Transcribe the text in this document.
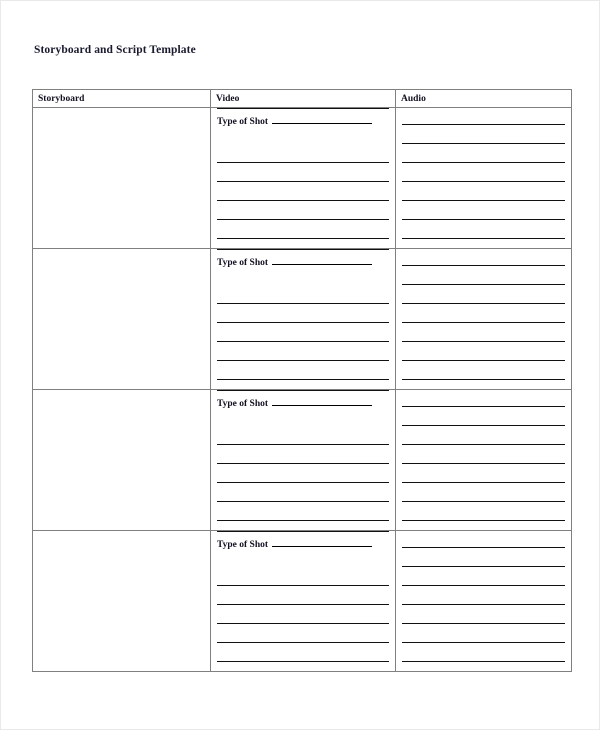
Storyboard and Script Template
Storyboard	Video	Audio

	Type of Shot	

	Type of Shot	

	Type of Shot	

	Type of Shot	
